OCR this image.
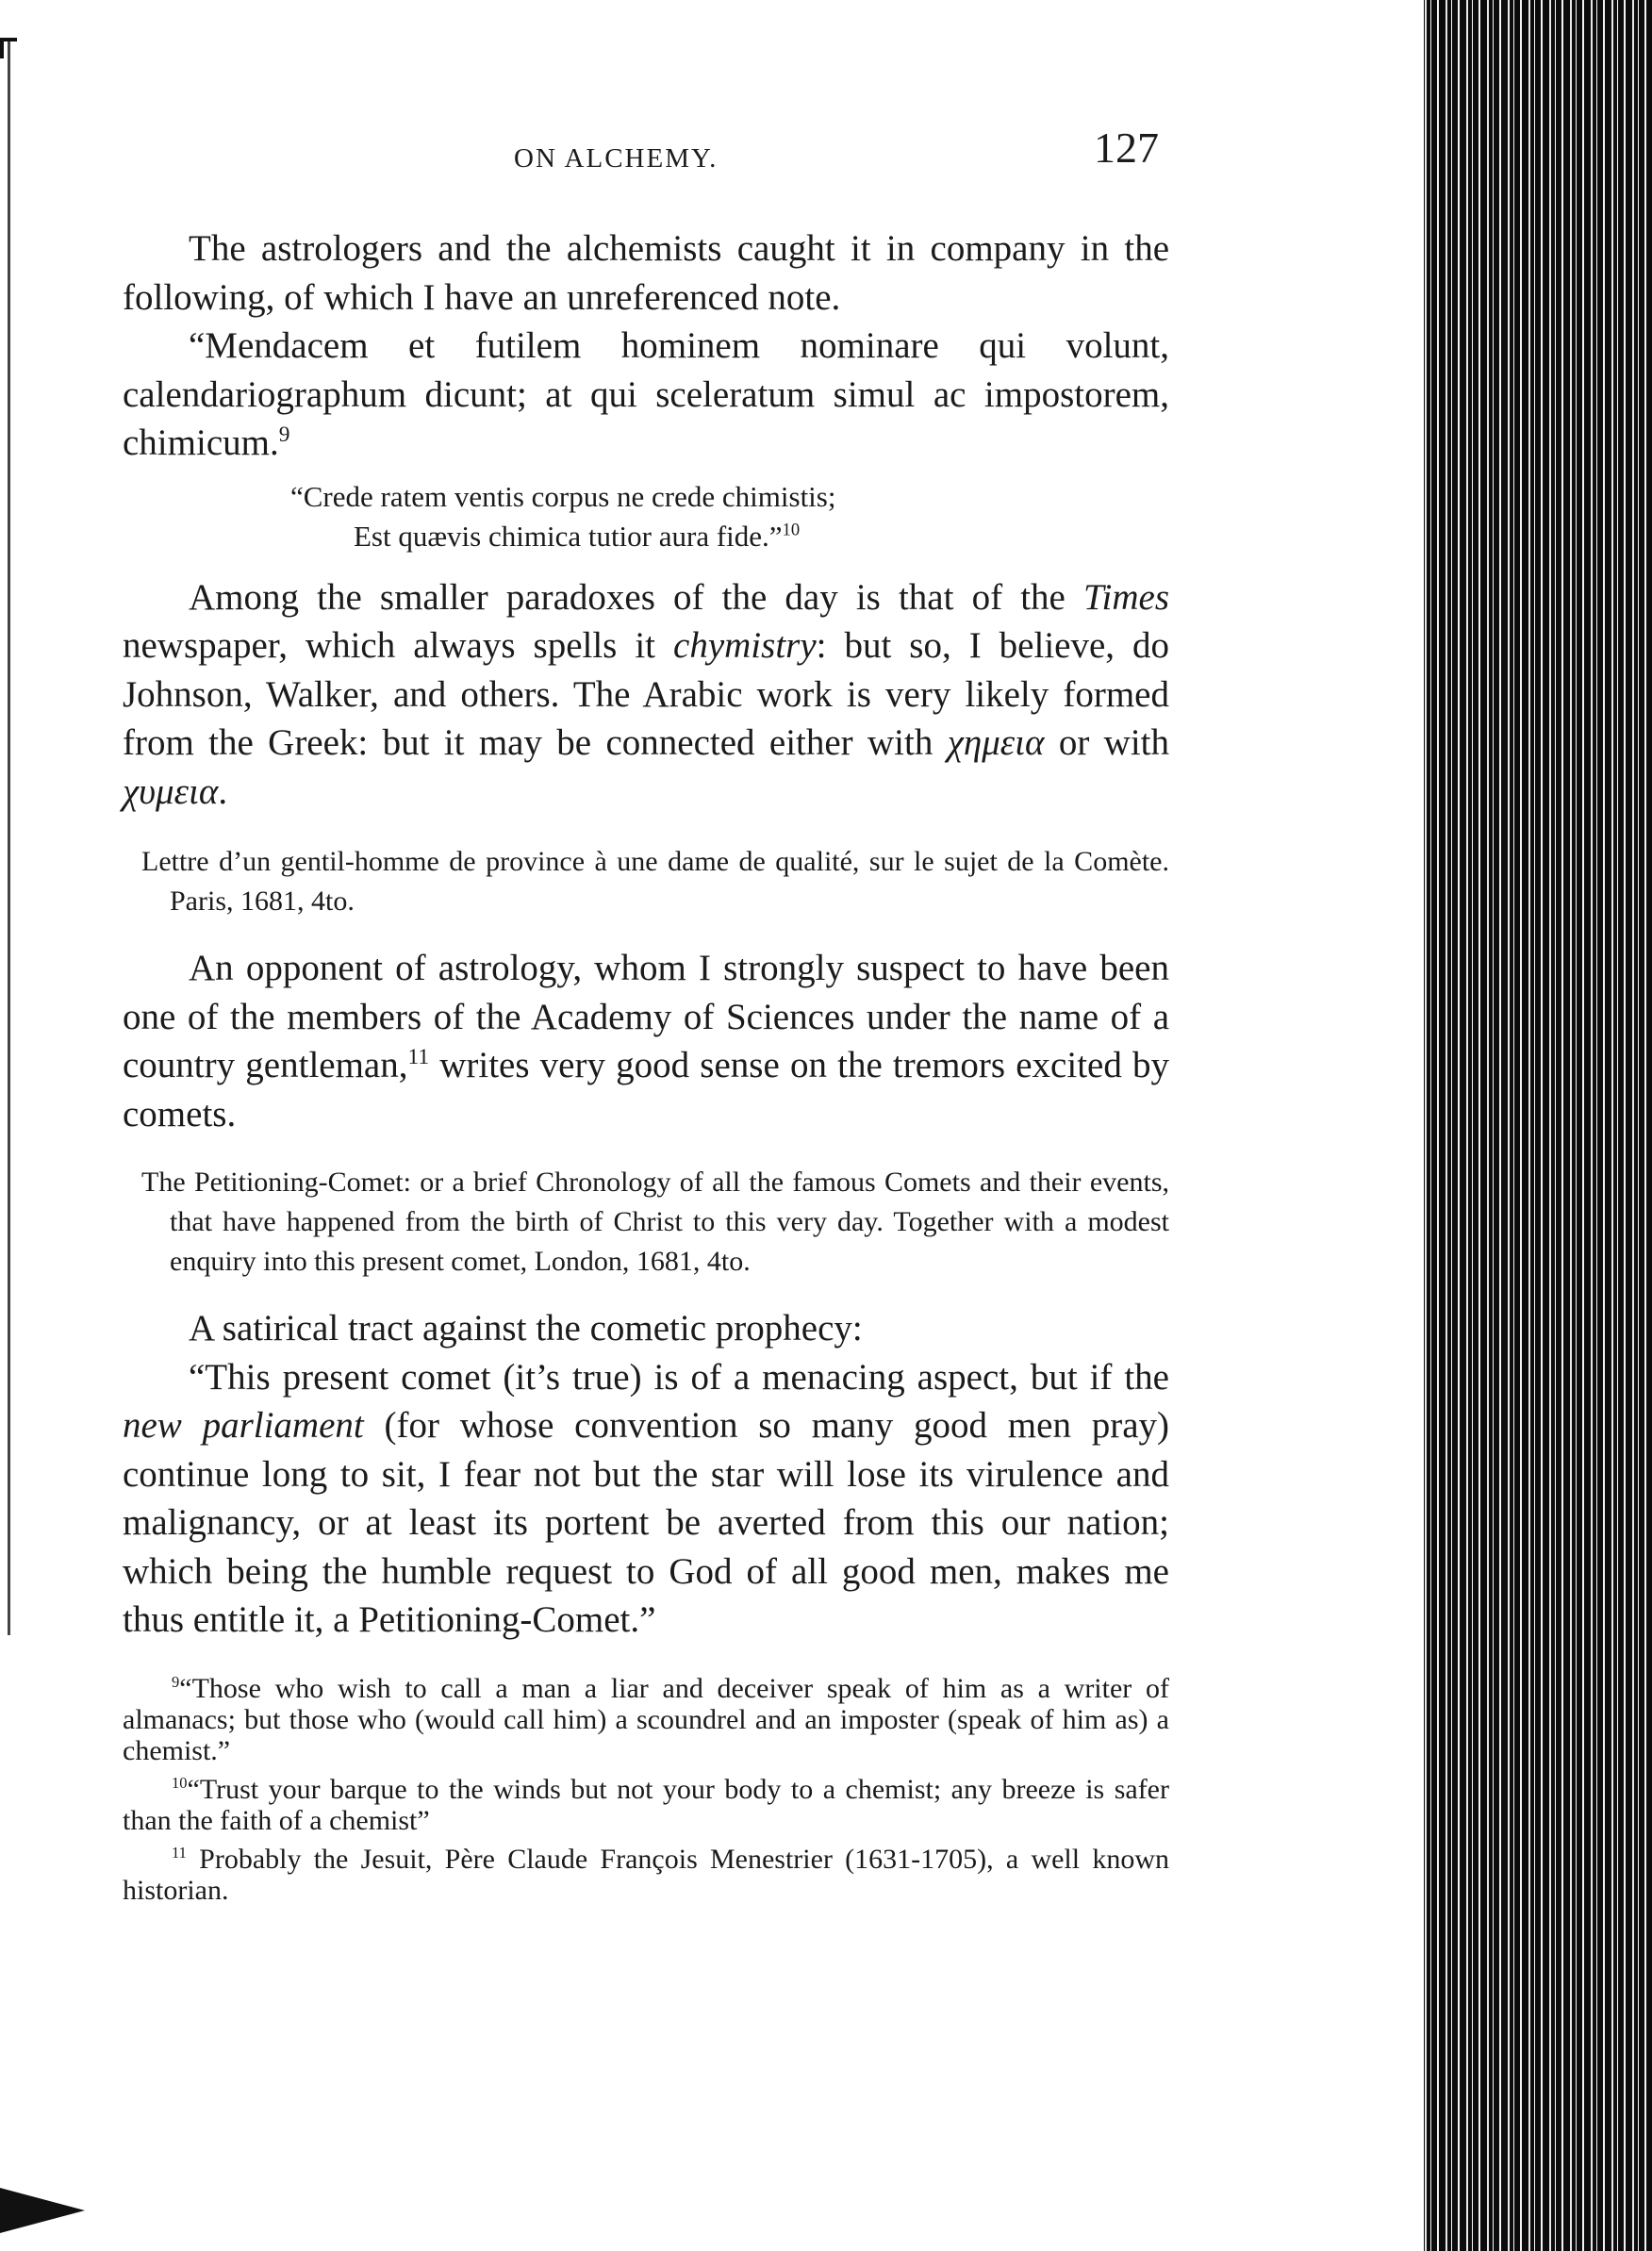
ON ALCHEMY.	127

The astrologers and the alchemists caught it in company in the following, of which I have an unreferenced note.

“Mendacem et futilem hominem nominare qui volunt, calendariographum dicunt; at qui sceleratum simul ac impostorem, chimicum.$^9$

“Crede ratem ventis corpus ne crede chimistis;
Est quævis chimica tutior aura fide.”$^{10}$

Among the smaller paradoxes of the day is that of the Times newspaper, which always spells it chymistry: but so, I believe, do Johnson, Walker, and others. The Arabic work is very likely formed from the Greek: but it may be connected either with χημεια or with χυμεια.

Lettre d’un gentil-homme de province à une dame de qualité, sur le sujet de la Comète. Paris, 1681, 4to.

An opponent of astrology, whom I strongly suspect to have been one of the members of the Academy of Sciences under the name of a country gentleman,$^{11}$ writes very good sense on the tremors excited by comets.

The Petitioning-Comet: or a brief Chronology of all the famous Comets and their events, that have happened from the birth of Christ to this very day. Together with a modest enquiry into this present comet, London, 1681, 4to.

A satirical tract against the cometic prophecy:

“This present comet (it’s true) is of a menacing aspect, but if the new parliament (for whose convention so many good men pray) continue long to sit, I fear not but the star will lose its virulence and malignancy, or at least its portent be averted from this our nation; which being the humble request to God of all good men, makes me thus entitle it, a Petitioning-Comet.”

$^9$“Those who wish to call a man a liar and deceiver speak of him as a writer of almanacs; but those who (would call him) a scoundrel and an imposter (speak of him as) a chemist.”

$^{10}$“Trust your barque to the winds but not your body to a chemist; any breeze is safer than the faith of a chemist”

$^{11}$ Probably the Jesuit, Père Claude François Menestrier (1631-1705), a well known historian.
